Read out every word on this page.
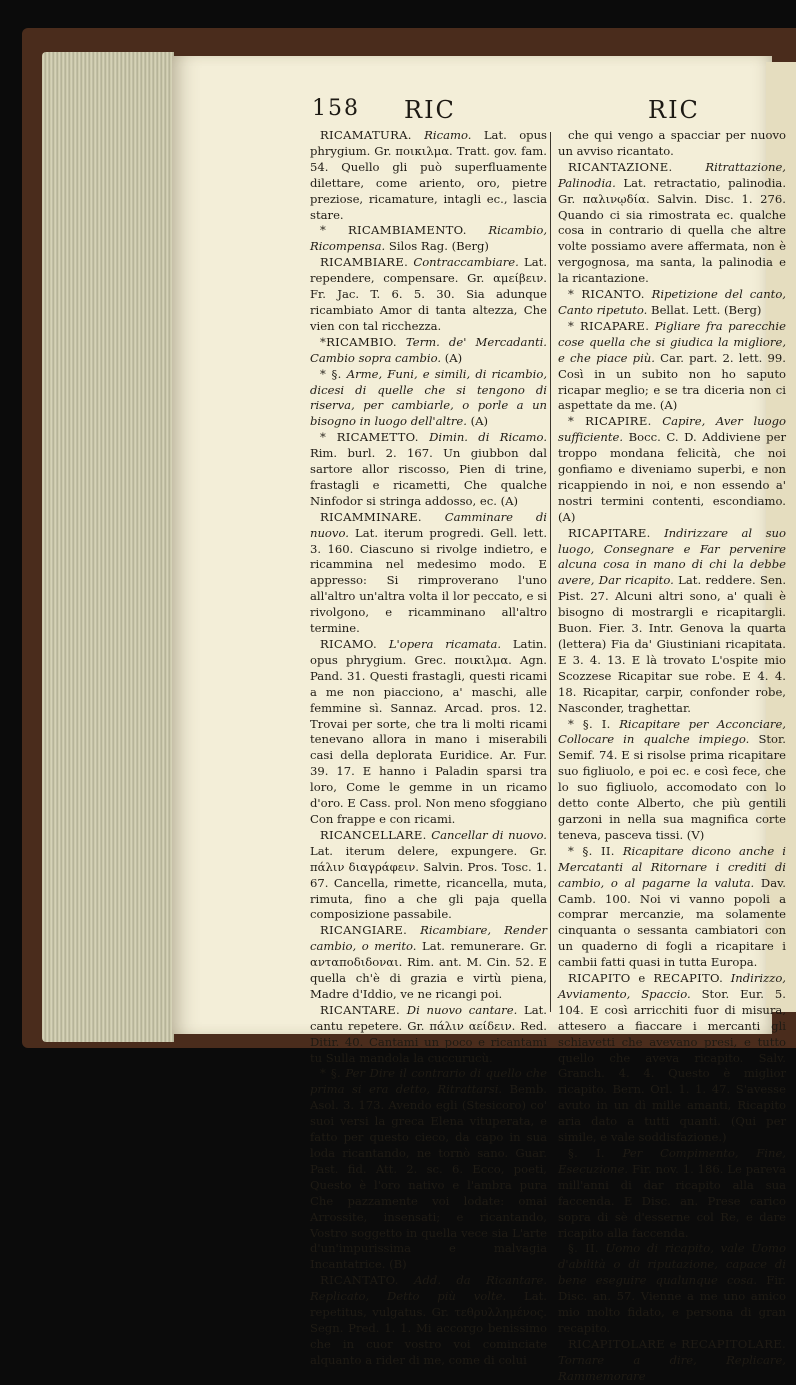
158 RIC	RIC

RICAMATURA. Ricamo. Lat. opus phrygium. Gr. ποικιλμα. Tratt. gov. fam. 54. Quello gli può superfluamente dilettare, come ariento, oro, pietre preziose, ricamature, intagli ec., lascia stare.

* RICAMBIAMENTO. Ricambio, Ricompensa. Silos Rag. (Berg)

RICAMBIARE. Contraccambiare. Lat. rependere, compensare. Gr. αμείβειν. Fr. Jac. T. 6. 5. 30. Sia adunque ricambiato Amor di tanta altezza, Che vien con tal ricchezza.

*RICAMBIO. Term. de' Mercadanti. Cambio sopra cambio. (A)

* §. Arme, Funi, e simili, di ricambio, dicesi di quelle che si tengono di riserva, per cambiarle, o porle a un bisogno in luogo dell'altre. (A)

* RICAMETTO. Dimin. di Ricamo. Rim. burl. 2. 167. Un giubbon dal sartore allor riscosso, Pien di trine, frastagli e ricametti, Che qualche Ninfodor si stringa addosso, ec. (A)

RICAMMINARE. Camminare di nuovo. Lat. iterum progredi. Gell. lett. 3. 160. Ciascuno si rivolge indietro, e ricammina nel medesimo modo. E appresso: Si rimproverano l'uno all'altro un'altra volta il lor peccato, e si rivolgono, e ricamminano all'altro termine.

RICAMO. L'opera ricamata. Latin. opus phrygium. Grec. ποικιλμα. Agn. Pand. 31. Questi frastagli, questi ricami a me non piacciono, a' maschi, alle femmine sì. Sannaz. Arcad. pros. 12. Trovai per sorte, che tra li molti ricami tenevano allora in mano i miserabili casi della deplorata Euridice. Ar. Fur. 39. 17. E hanno i Paladin sparsi tra loro, Come le gemme in un ricamo d'oro. E Cass. prol. Non meno sfoggiano Con frappe e con ricami.

RICANCELLARE. Cancellar di nuovo. Lat. iterum delere, expungere. Gr. πάλιν διαγράφειν. Salvin. Pros. Tosc. 1. 67. Cancella, rimette, ricancella, muta, rimuta, fino a che gli paja quella composizione passabile.

RICANGIARE. Ricambiare, Render cambio, o merito. Lat. remunerare. Gr. ανταποδιδοναι. Rim. ant. M. Cin. 52. E quella ch'è di grazia e virtù piena, Madre d'Iddio, ve ne ricangi poi.

RICANTARE. Di nuovo cantare. Lat. cantu repetere. Gr. πάλιν αείδειν. Red. Ditir. 40. Cantami un poco e ricantami tu Sulla mandola la cuccurucù.

* §. Per Dire il contrario di quello che prima si era detto, Ritrattarsi. Bemb. Asol. 3. 173. Avendo egli (Stesicoro) co' suoi versi la greca Elena vituperata, e fatto per questo cieco, da capo in sua loda ricantando, ne tornò sano. Guar. Past. fid. Att. 2. sc. 6. Ecco, poeti, Questo è l'oro nativo e l'ambra pura Che pazzamente voi lodate: omai Arrossite, insensati; e ricantando, Vostro soggetto in quella vece sia L'arte d'un'impurissima e malvagia Incantatrice. (B)

RICANTATO. Add. da Ricantare. Replicato, Detto più volte. Lat. repetitus, vulgatus. Gr. τεθρυλλημένος. Segn. Pred. 1. 1. Mi accorgo benissimo che in cuor vostro voi cominciate alquanto a rider di me, come di colui

che qui vengo a spacciar per nuovo un avviso ricantato.

RICANTAZIONE.	Ritrattazione, Palinodia. Lat. retractatio, palinodia. Gr. παλινῳδία. Salvin. Disc. 1. 276. Quando ci sia rimostrata ec. qualche cosa in contrario di quella che altre volte possiamo avere affermata, non è vergognosa, ma santa, la palinodia e la ricantazione.

* RICANTO. Ripetizione del canto, Canto ripetuto. Bellat. Lett. (Berg)

* RICAPARE. Pigliare fra parecchie cose quella che si giudica la migliore, e che piace più. Car. part. 2. lett. 99. Così in un subito non ho saputo ricapar meglio; e se tra diceria non ci aspettate da me. (A)

* RICAPIRE. Capire, Aver luogo sufficiente. Bocc. C. D. Addiviene per troppo mondana felicità, che noi gonfiamo e diveniamo superbi, e non ricappiendo in noi, e non essendo a' nostri termini contenti, escondiamo. (A)

RICAPITARE. Indirizzare al suo luogo, Consegnare e Far pervenire alcuna cosa in mano di chi la debbe avere, Dar ricapito. Lat. reddere. Sen. Pist. 27. Alcuni altri sono, a' quali è bisogno di mostrargli e ricapitargli. Buon. Fier. 3. Intr. Genova la quarta (lettera) Fia da' Giustiniani ricapitata. E 3. 4. 13. E là trovato L'ospite mio Scozzese Ricapitar sue robe. E 4. 4. 18. Ricapitar, carpir, confonder robe, Nasconder, traghettar.

* §. I. Ricapitare per Acconciare, Collocare in qualche impiego. Stor. Semif. 74. E si risolse prima ricapitare suo figliuolo, e poi ec. e così fece, che lo suo figliuolo, accomodato con lo detto conte Alberto, che più gentili garzoni in nella sua magnifica corte teneva, pasceva tissi. (V)

* §. II. Ricapitare dicono anche i Mercatanti al Ritornare i crediti di cambio, o al pagarne la valuta. Dav. Camb. 100. Noi vi vanno popoli a comprar mercanzie, ma solamente cinquanta o sessanta cambiatori con un quaderno di fogli a ricapitare i cambii fatti quasi in tutta Europa.

RICAPITO e RECAPITO. Indirizzo, Avviamento, Spaccio. Stor. Eur. 5. 104. E così arricchiti fuor di misura, attesero a fiaccare i mercanti gli schiavetti che avevano presi, e tutto quello che aveva ricapito. Salv. Granch. 4. 4. Questo è miglior ricapito. Bern. Orl. 1. 1. 47. S'avesse avuto in un dì mille amanti, Ricapito aria dato a tutti quanti. (Qui per simile, e vale soddisfazione.)

§. I. Per Compimento, Fine, Esecuzione. Fir. nov. 1. 186. Le pareva mill'anni di dar ricapito alla sua faccenda. E Disc. an. Prese carico sopra di sè d'esserne col Re, e dare ricapito alla faccenda.

§. II. Uomo di ricapito, vale Uomo d'abilità o di riputazione, capace di bene eseguire qualunque cosa. Fir. Disc. an. 57. Vienne a me uno amico mio molto fidato, e persona di gran recapito.

RICAPITOLARE e RECAPITOLARE. Tornare a dire, Replicare, Rammemorare
